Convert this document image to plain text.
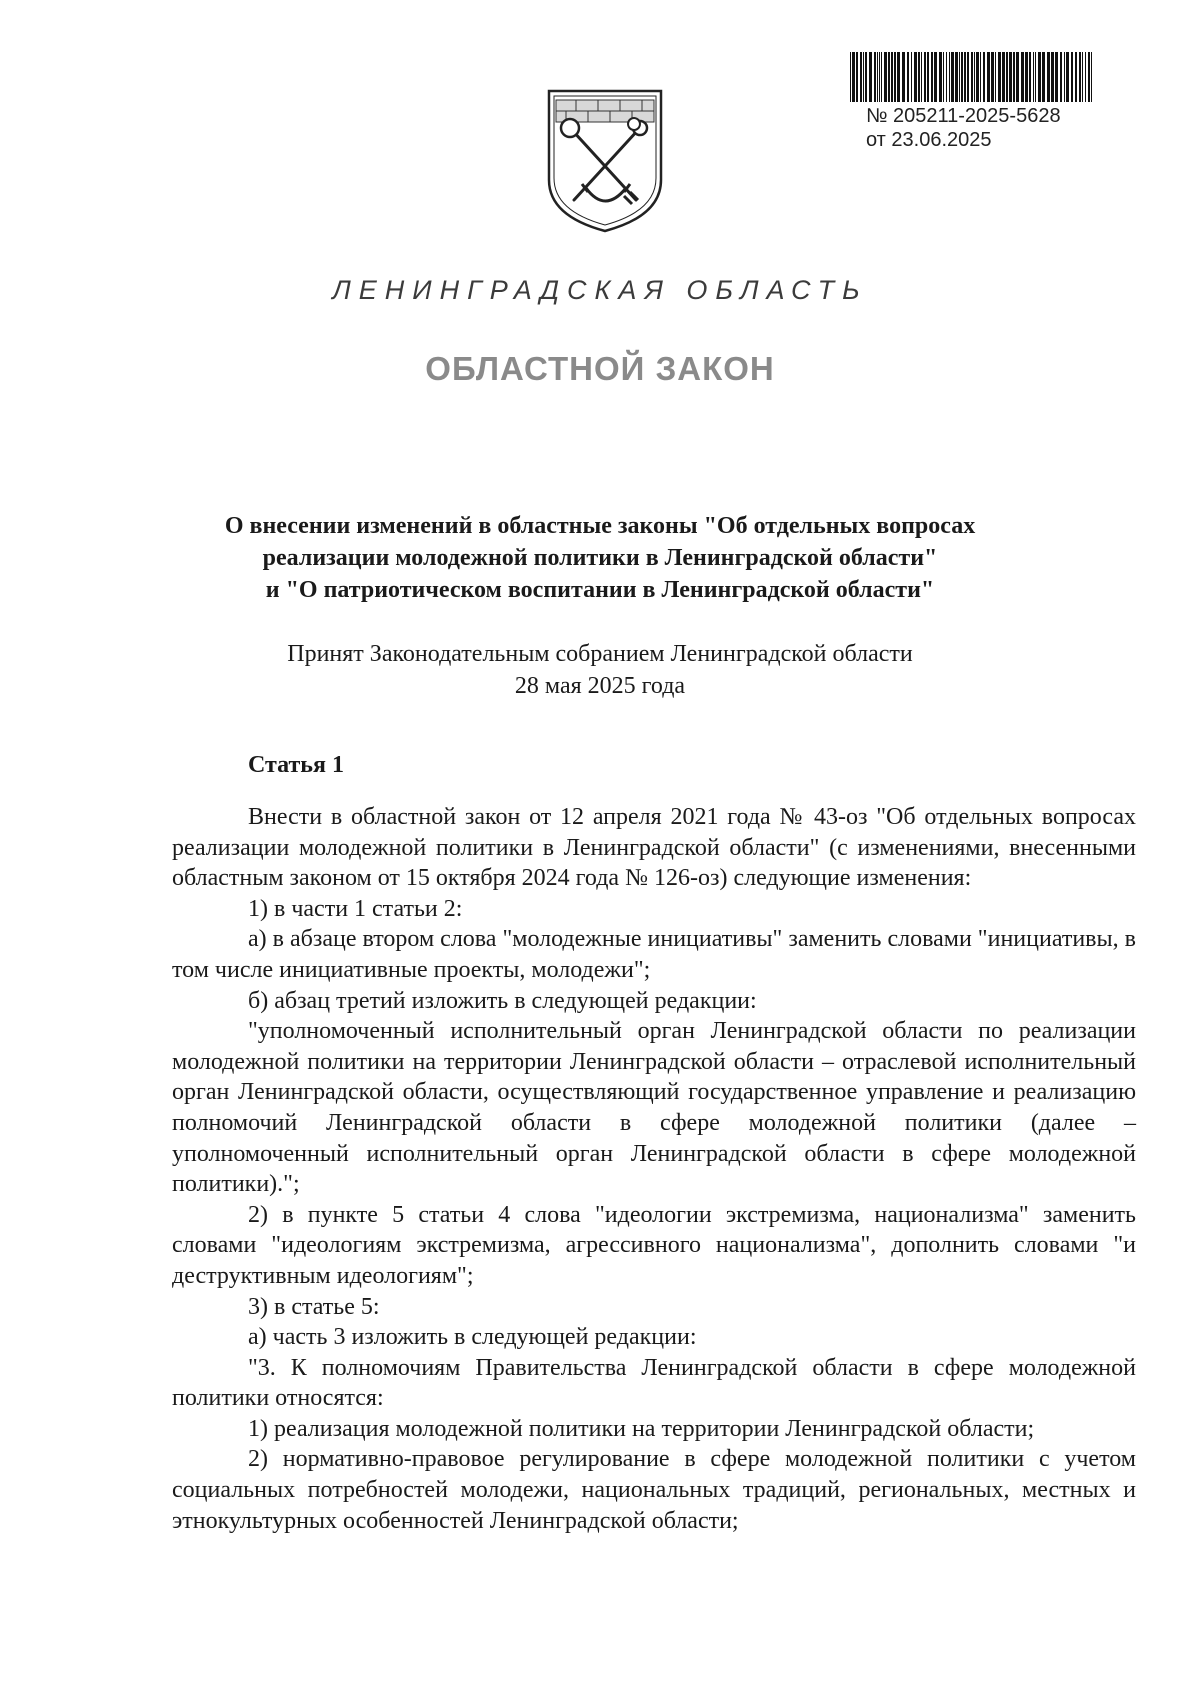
№ 205211-2025-5628
от 23.06.2025
ЛЕНИНГРАДСКАЯ ОБЛАСТЬ
ОБЛАСТНОЙ ЗАКОН
О внесении изменений в областные законы "Об отдельных вопросах
реализации молодежной политики в Ленинградской области"
и "О патриотическом воспитании в Ленинградской области"
Принят Законодательным собранием Ленинградской области
28 мая 2025 года
Статья 1

Внести в областной закон от 12 апреля 2021 года № 43-оз "Об отдельных вопросах реализации молодежной политики в Ленинградской области" (с изменениями, внесенными областным законом от 15 октября 2024 года № 126-оз) следующие изменения:

1) в части 1 статьи 2:

а) в абзаце втором слова "молодежные инициативы" заменить словами "инициативы, в том числе инициативные проекты, молодежи";

б) абзац третий изложить в следующей редакции:

"уполномоченный исполнительный орган Ленинградской области по реализации молодежной политики на территории Ленинградской области – отраслевой исполнительный орган Ленинградской области, осуществляющий государственное управление и реализацию полномочий Ленинградской области в сфере молодежной политики (далее – уполномоченный исполнительный орган Ленинградской области в сфере молодежной политики).";

2) в пункте 5 статьи 4 слова "идеологии экстремизма, национализма" заменить словами "идеологиям экстремизма, агрессивного национализма", дополнить словами "и деструктивным идеологиям";

3) в статье 5:

а) часть 3 изложить в следующей редакции:

"3. К полномочиям Правительства Ленинградской области в сфере молодежной политики относятся:

1) реализация молодежной политики на территории Ленинградской области;

2) нормативно-правовое регулирование в сфере молодежной политики с учетом социальных потребностей молодежи, национальных традиций, региональных, местных и этнокультурных особенностей Ленинградской области;
